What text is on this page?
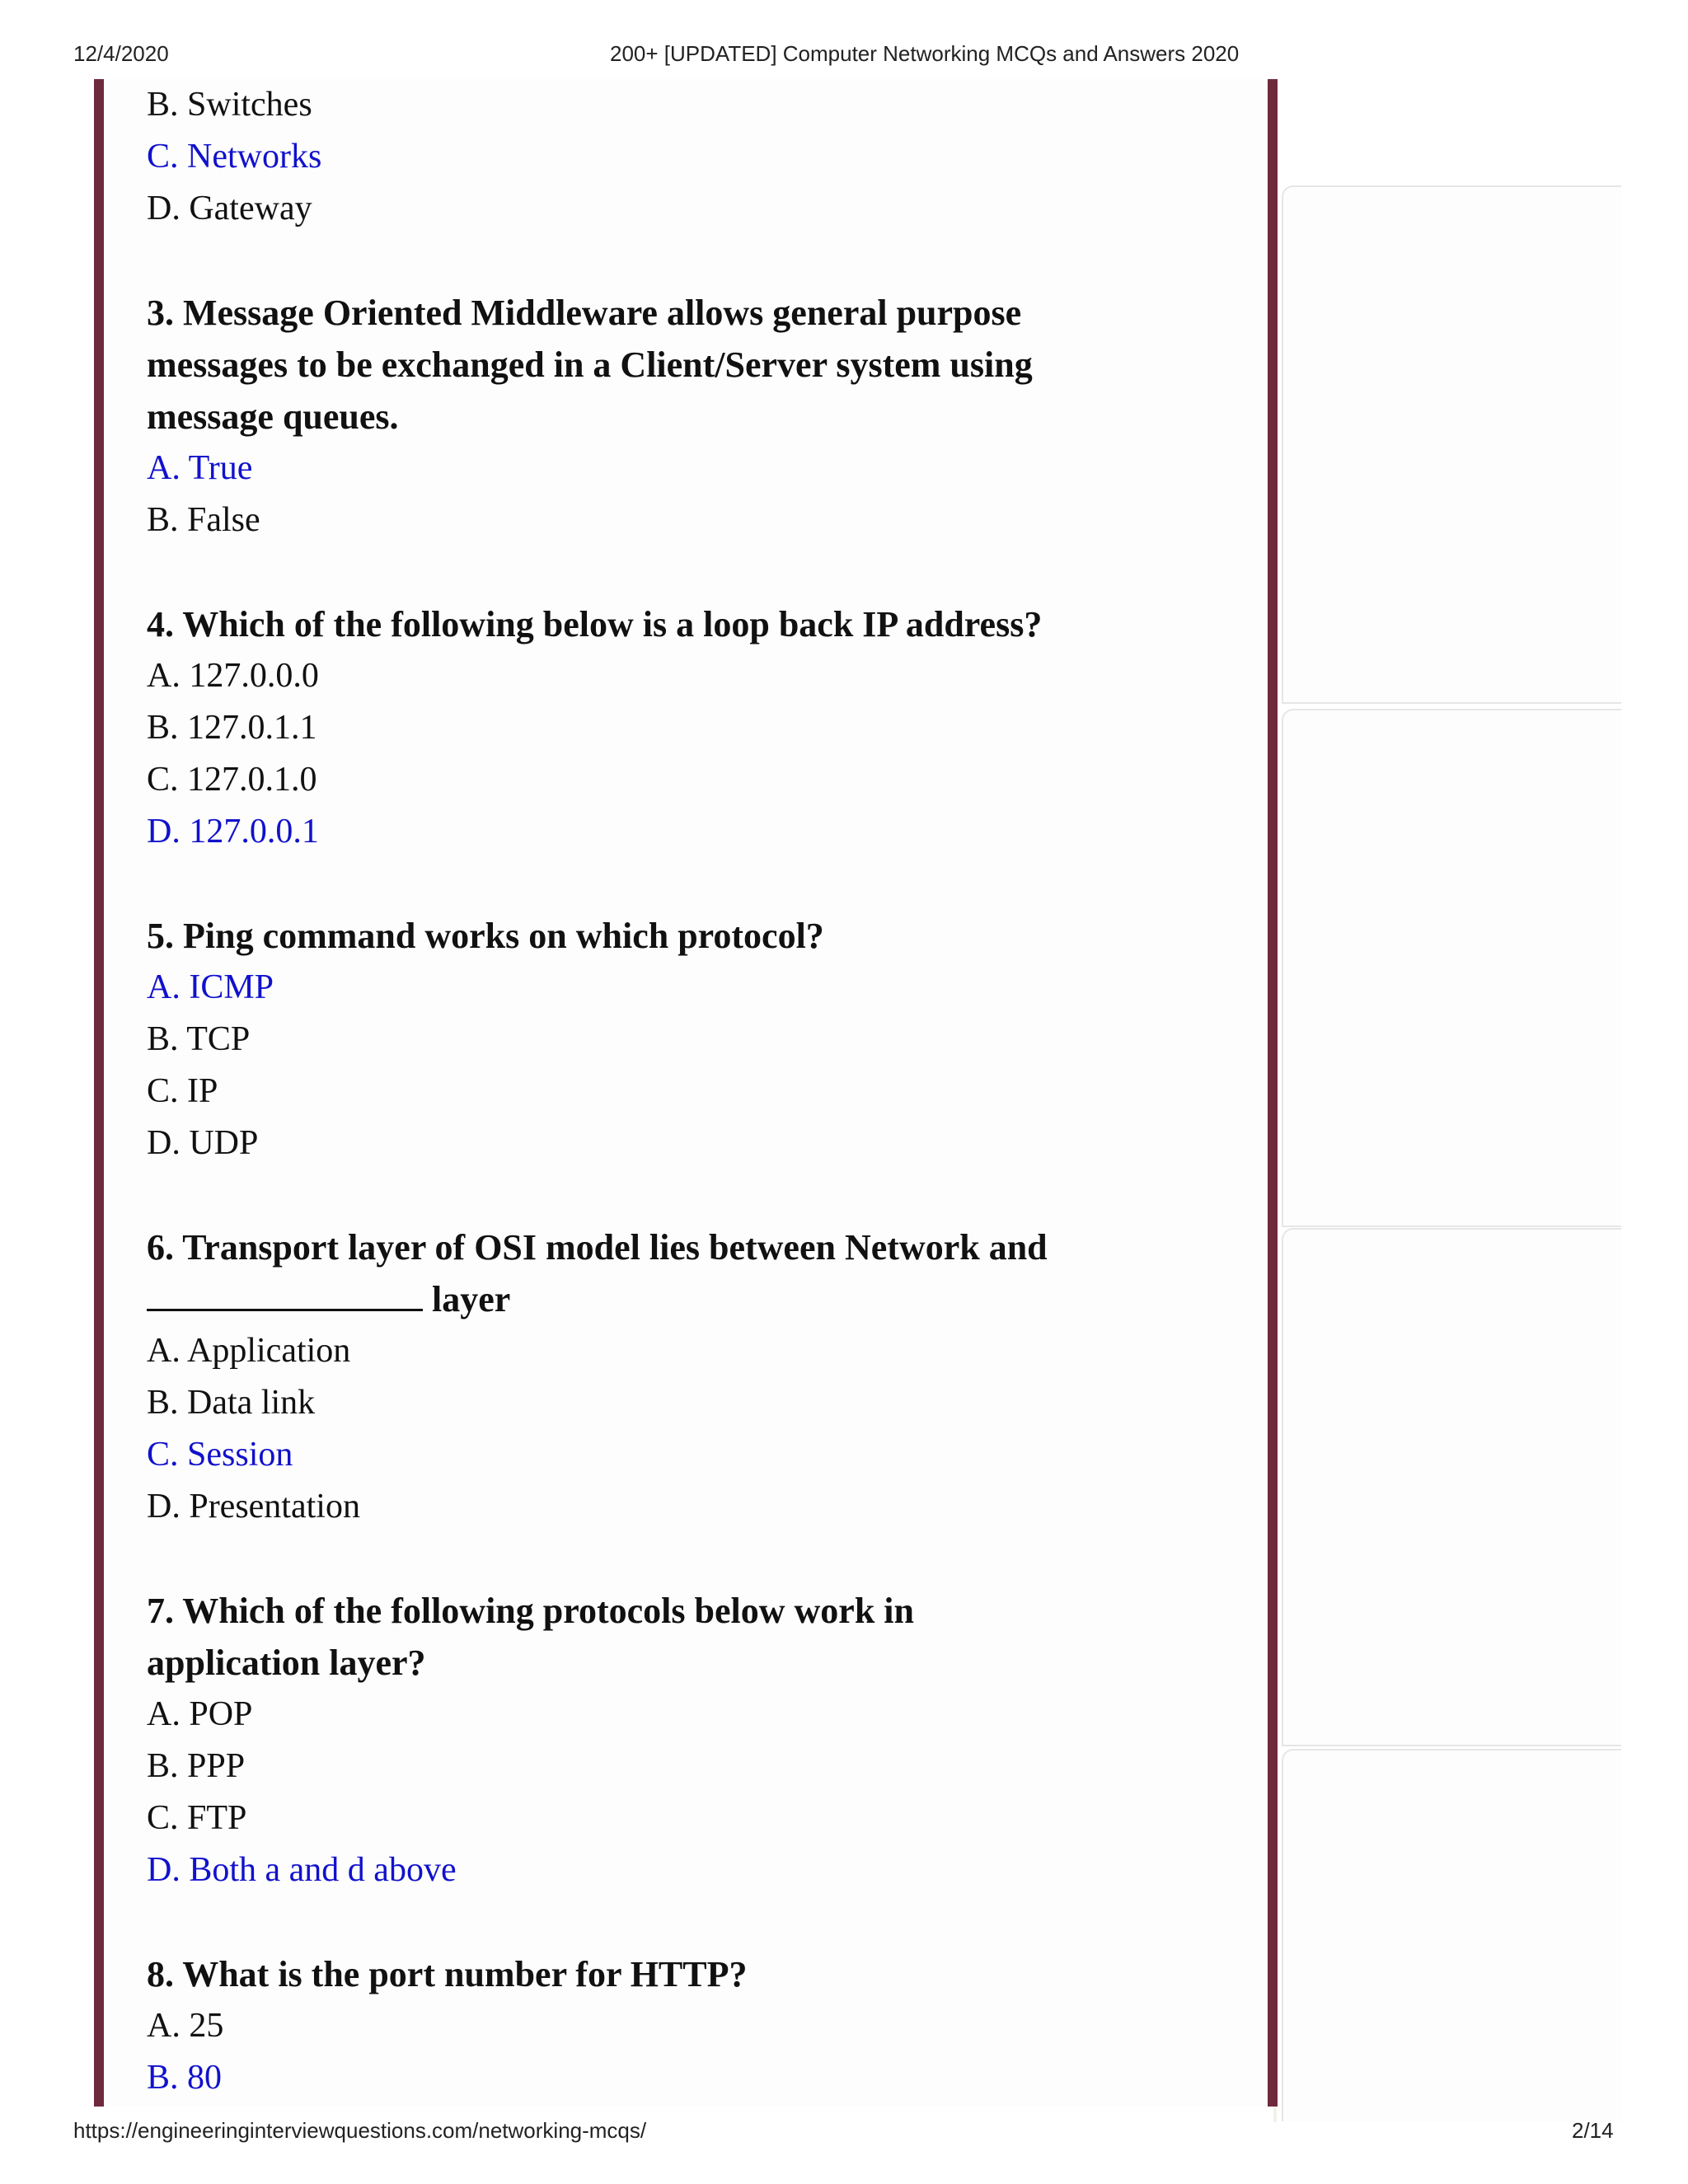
12/4/2020	200+ [UPDATED] Computer Networking MCQs and Answers 2020
B. Switches
C. Networks
D. Gateway
3. Message Oriented Middleware allows general purpose
messages to be exchanged in a Client/Server system using
message queues.
A. True
B. False
4. Which of the following below is a loop back IP address?
A. 127.0.0.0
B. 127.0.1.1
C. 127.0.1.0
D. 127.0.0.1
5. Ping command works on which protocol?
A. ICMP
B. TCP
C. IP
D. UDP
6. Transport layer of OSI model lies between Network and
layer
A. Application
B. Data link
C. Session
D. Presentation
7. Which of the following protocols below work in
application layer?
A. POP
B. PPP
C. FTP
D. Both a and d above
8. What is the port number for HTTP?
A. 25
B. 80
https://engineeringinterviewquestions.com/networking-mcqs/	2/14
